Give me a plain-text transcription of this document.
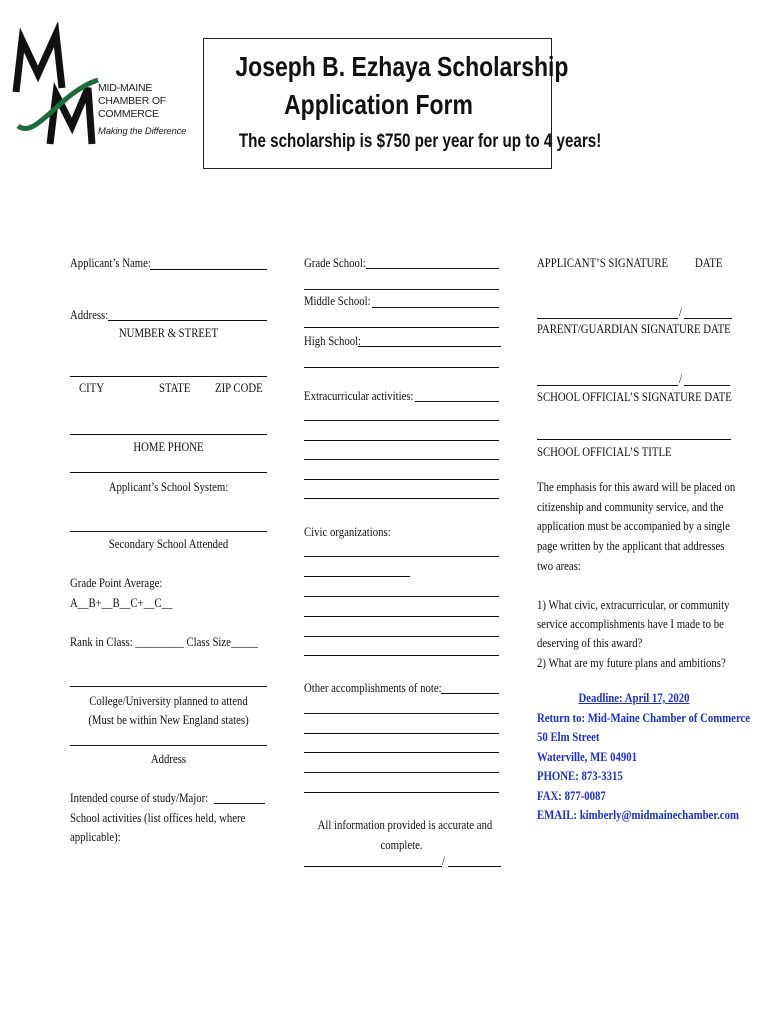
MID-MAINE
CHAMBER OF
COMMERCE
Making the Difference
Joseph B. Ezhaya Scholarship
Application Form
The scholarship is $750 per year for up to 4 years!
Applicant’s Name:
Address:
NUMBER & STREET
CITY	STATE ZIP CODE
HOME PHONE
Applicant’s School System:
Secondary School Attended
Grade Point Average:
A__B+__B__C+__C__
Rank in Class: _________ Class Size_____
College/University planned to attend
(Must be within New England states)
Address
Intended course of study/Major:
School activities (list offices held, where
applicable):
Grade School:
Middle School:
High School:
Extracurricular activities:
Civic organizations:
Other accomplishments of note:
All information provided is accurate and
complete.
/
APPLICANT’S SIGNATURE DATE
/
PARENT/GUARDIAN SIGNATURE DATE
/
SCHOOL OFFICIAL’S SIGNATURE DATE
SCHOOL OFFICIAL’S TITLE
The emphasis for this award will be placed on
citizenship and community service, and the
application must be accompanied by a single
page written by the applicant that addresses
two areas:
1) What civic, extracurricular, or community
service accomplishments have I made to be
deserving of this award?
2) What are my future plans and ambitions?
Deadline: April 17, 2020
Return to: Mid-Maine Chamber of Commerce
50 Elm Street
Waterville, ME 04901
PHONE: 873-3315
FAX: 877-0087
EMAIL: kimberly@midmainechamber.com
